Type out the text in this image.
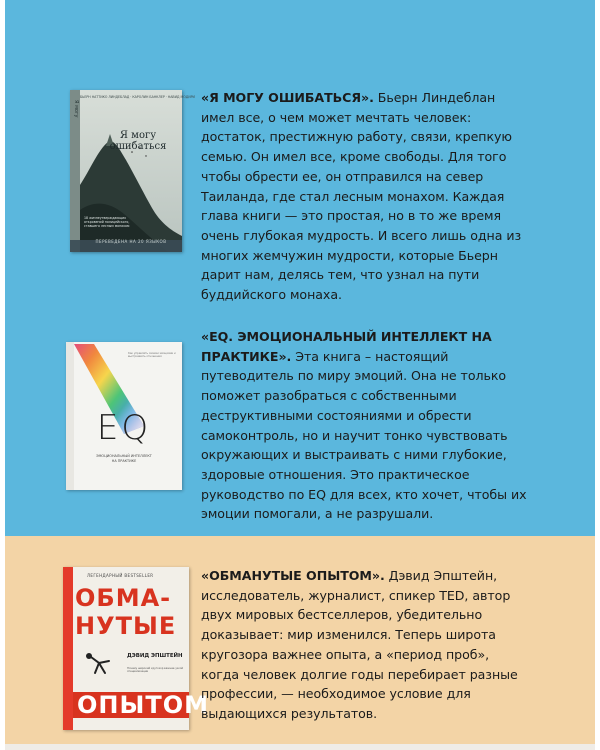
Я могу
БЬЕРН НАТТИКО ЛИНДЕБЛАД · КАРОЛИН БАНКЛЕР · НАВИД МОДИРИ
Я могу
ошибаться
18 жизнеутверждающих откровений полицейского, ставшего лесным монахом
ПЕРЕВЕДЕНА НА 20 ЯЗЫКОВ
«Я МОГУ ОШИБАТЬСЯ». Бьерн Линдеблан имел все, о чем может мечтать человек: достаток, престижную работу, связи, крепкую семью. Он имел все, кроме свободы. Для того чтобы обрести ее, он отправился на север Таиланда, где стал лесным монахом. Каждая глава книги — это простая, но в то же время очень глубокая мудрость. И всего лишь одна из многих жемчужин мудрости, которые Бьерн дарит нам, делясь тем, что узнал на пути буддийского монаха.
Как управлять своими эмоциями и выстраивать отношения
EQ
ЭМОЦИОНАЛЬНЫЙ ИНТЕЛЛЕКТ
НА ПРАКТИКЕ
«EQ. ЭМОЦИОНАЛЬНЫЙ ИНТЕЛЛЕКТ НА ПРАКТИКЕ». Эта книга – настоящий путеводитель по миру эмоций. Она не только поможет разобраться с собственными деструктивными состояниями и обрести самоконтроль, но и научит тонко чувствовать окружающих и выстраивать с ними глубокие, здоровые отношения. Это практическое руководство по EQ для всех, кто хочет, чтобы их эмоции помогали, а не разрушали.
ЛЕГЕНДАРНЫЙ BESTSELLER
ОБМА-
НУТЫЕ
ДЭВИД ЭПШТЕЙН
Почему широкий кругозор важнее узкой специализации
ОПЫТОМ
«ОБМАНУТЫЕ ОПЫТОМ». Дэвид Эпштейн, исследователь, журналист, спикер TED, автор двух мировых бестселлеров, убедительно доказывает: мир изменился. Теперь широта кругозора важнее опыта, а «период проб», когда человек долгие годы перебирает разные профессии, — необходимое условие для выдающихся результатов.
